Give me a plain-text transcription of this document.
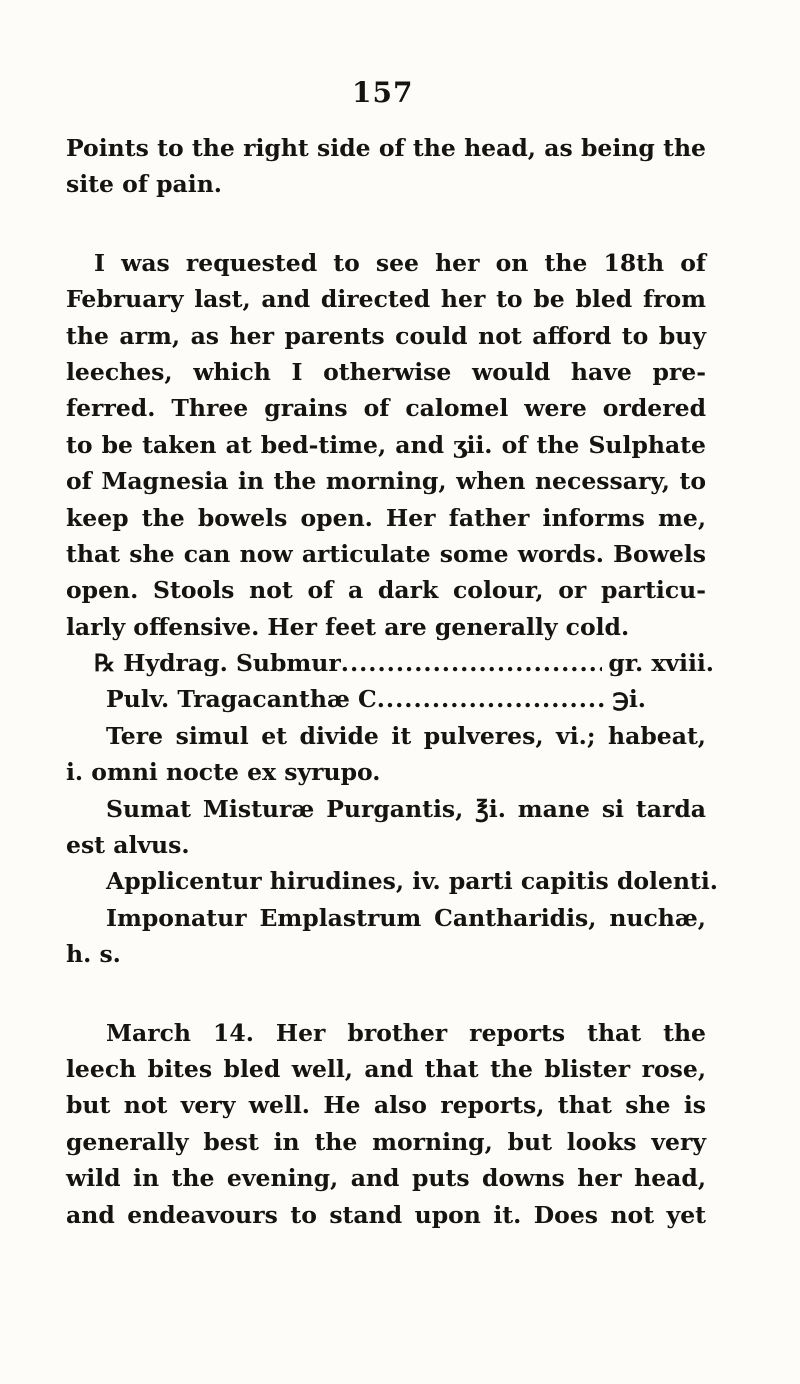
157
Points to the right side of the head, as being the
site of pain.
I was requested to see her on the 18th of
February last, and directed her to be bled from
the arm, as her parents could not afford to buy
leeches, which I otherwise would have pre-
ferred. Three grains of calomel were ordered
to be taken at bed-time, and ʒii. of the Sulphate
of Magnesia in the morning, when necessary, to
keep the bowels open. Her father informs me,
that she can now articulate some words. Bowels
open. Stools not of a dark colour, or particu-
larly offensive. Her feet are generally cold.
℞ Hydrag. Submur .....	gr. xviii.
Pulv. Tragacanthæ C .....	℈i.
Tere simul et divide it pulveres, vi.; habeat,
i. omni nocte ex syrupo.
Sumat Misturæ Purgantis, ℥i. mane si tarda
est alvus.
Applicentur hirudines, iv. parti capitis dolenti.
Imponatur Emplastrum Cantharidis, nuchæ,
h. s.
March 14. Her brother reports that the
leech bites bled well, and that the blister rose,
but not very well. He also reports, that she is
generally best in the morning, but looks very
wild in the evening, and puts downs her head,
and endeavours to stand upon it. Does not yet
